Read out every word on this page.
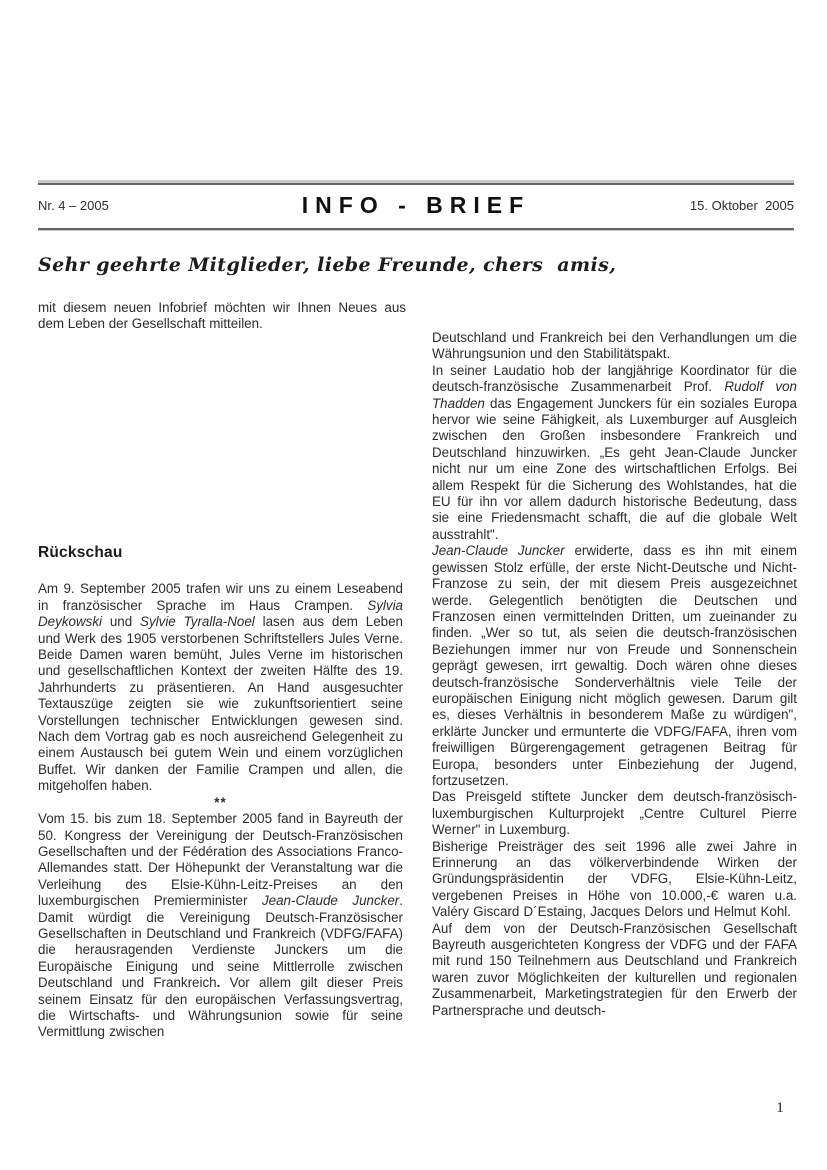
Nr. 4 – 2005	INFO - BRIEF	15. Oktober  2005
Sehr geehrte Mitglieder, liebe Freunde, chers  amis,
mit diesem neuen Infobrief möchten wir Ihnen Neues aus dem Leben der Gesellschaft mitteilen.
Rückschau

Am 9. September 2005 trafen wir uns zu einem Leseabend in französischer Sprache im Haus Crampen. Sylvia Deykowski und Sylvie Tyralla-Noel lasen aus dem Leben und Werk des 1905 verstorbenen Schriftstellers Jules Verne. Beide Damen waren bemüht, Jules Verne im historischen und gesellschaftlichen Kontext der zweiten Hälfte des 19. Jahrhunderts zu präsentieren. An Hand ausgesuchter Textauszüge zeigten sie wie zukunftsorientiert seine Vorstellungen technischer Entwicklungen gewesen sind. Nach dem Vortrag gab es noch ausreichend Gelegenheit zu einem Austausch bei gutem Wein und einem vorzüglichen Buffet. Wir danken der Familie Crampen und allen, die mitgeholfen haben.

**

Vom 15. bis zum 18. September 2005 fand in Bayreuth der 50. Kongress der Vereinigung der Deutsch-Französischen Gesellschaften und der Fédération des Associations Franco-Allemandes statt. Der Höhepunkt der Veranstaltung war die Verleihung des Elsie-Kühn-Leitz-Preises an den luxemburgischen Premierminister Jean-Claude Juncker. Damit würdigt die Vereinigung Deutsch-Französischer Gesellschaften in Deutschland und Frankreich (VDFG/FAFA) die herausragenden Verdienste Junckers um die Europäische Einigung und seine Mittlerrolle zwischen Deutschland und Frankreich. Vor allem gilt dieser Preis seinem Einsatz für den europäischen Verfassungsvertrag, die Wirtschafts- und Währungsunion sowie für seine Vermittlung zwischen

Deutschland und Frankreich bei den Verhandlungen um die Währungsunion und den Stabilitätspakt.

In seiner Laudatio hob der langjährige Koordinator für die deutsch-französische Zusammenarbeit Prof. Rudolf von Thadden das Engagement Junckers für ein soziales Europa hervor wie seine Fähigkeit, als Luxemburger auf Ausgleich zwischen den Großen insbesondere Frankreich und Deutschland hinzuwirken. „Es geht Jean-Claude Juncker nicht nur um eine Zone des wirtschaftlichen Erfolgs. Bei allem Respekt für die Sicherung des Wohlstandes, hat die EU für ihn vor allem dadurch historische Bedeutung, dass sie eine Friedensmacht schafft, die auf die globale Welt ausstrahlt".

Jean-Claude Juncker erwiderte, dass es ihn mit einem gewissen Stolz erfülle, der erste Nicht-Deutsche und Nicht-Franzose zu sein, der mit diesem Preis ausgezeichnet werde. Gelegentlich benötigten die Deutschen und Franzosen einen vermittelnden Dritten, um zueinander zu finden. „Wer so tut, als seien die deutsch-französischen Beziehungen immer nur von Freude und Sonnenschein geprägt gewesen, irrt gewaltig. Doch wären ohne dieses deutsch-französische Sonderverhältnis viele Teile der europäischen Einigung nicht möglich gewesen. Darum gilt es, dieses Verhältnis in besonderem Maße zu würdigen", erklärte Juncker und ermunterte die VDFG/FAFA, ihren vom freiwilligen Bürgerengagement getragenen Beitrag für Europa, besonders unter Einbeziehung der Jugend, fortzusetzen.

Das Preisgeld stiftete Juncker dem deutsch-französisch-luxemburgischen Kulturprojekt „Centre Culturel Pierre Werner" in Luxemburg.

Bisherige Preisträger des seit 1996 alle zwei Jahre in Erinnerung an das völkerverbindende Wirken der Gründungspräsidentin der VDFG, Elsie-Kühn-Leitz, vergebenen Preises in Höhe von 10.000,-€ waren u.a. Valéry Giscard D´Estaing, Jacques Delors und Helmut Kohl.

Auf dem von der Deutsch-Französischen Gesellschaft Bayreuth ausgerichteten Kongress der VDFG und der FAFA mit rund 150 Teilnehmern aus Deutschland und Frankreich waren zuvor Möglichkeiten der kulturellen und regionalen Zusammenarbeit, Marketingstrategien für den Erwerb der Partnersprache und deutsch-

1
